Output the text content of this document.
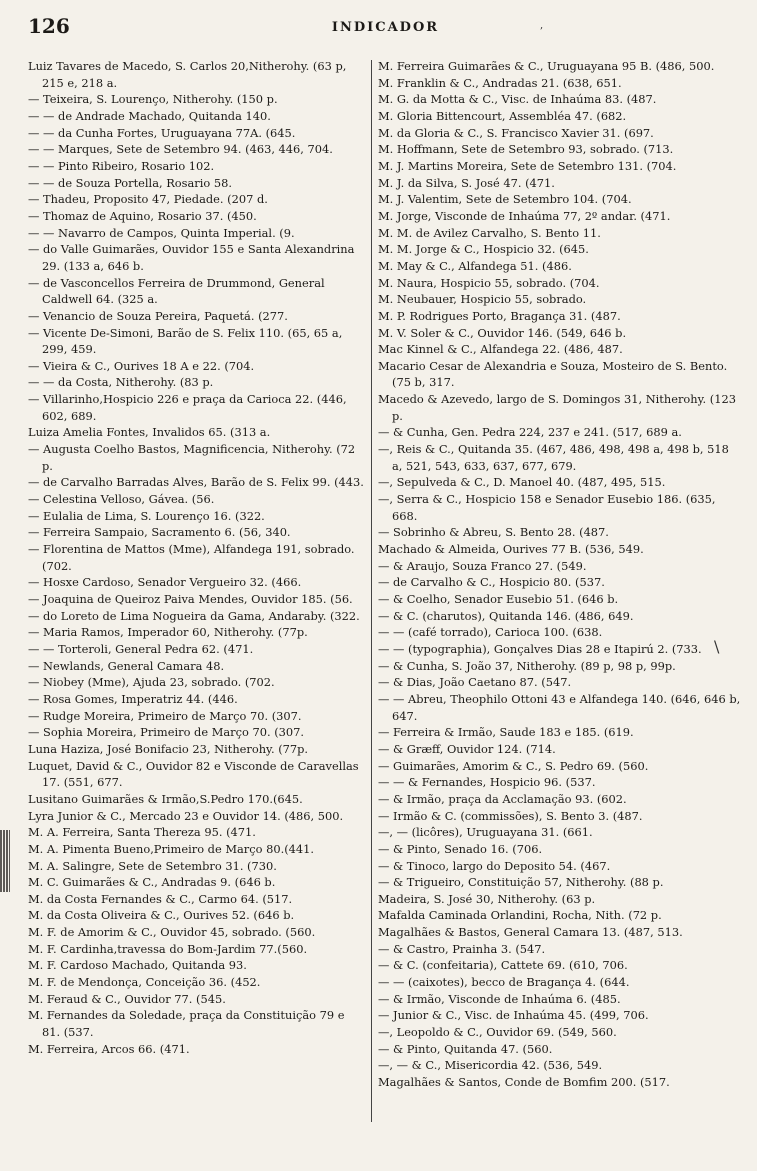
126	INDICADOR
Luiz Tavares de Macedo, S. Carlos 20,Nitherohy. (63 p, 215 e, 218 a.
— Teixeira, S. Lourenço, Nitherohy. (150 p.
— — de Andrade Machado, Quitanda 140.
— — da Cunha Fortes, Uruguayana 77A. (645.
— — Marques, Sete de Setembro 94. (463, 446, 704.
— — Pinto Ribeiro, Rosario 102.
— — de Souza Portella, Rosario 58.
— Thadeu, Proposito 47, Piedade. (207 d.
— Thomaz de Aquino, Rosario 37. (450.
— — Navarro de Campos, Quinta Imperial. (9.
— do Valle Guimarães, Ouvidor 155 e Santa Alexandrina 29. (133 a, 646 b.
— de Vasconcellos Ferreira de Drummond, General Caldwell 64. (325 a.
— Venancio de Souza Pereira, Paquetá. (277.
— Vicente De-Simoni, Barão de S. Felix 110. (65, 65 a, 299, 459.
— Vieira & C., Ourives 18 A e 22. (704.
— — da Costa, Nitherohy. (83 p.
— Villarinho,Hospicio 226 e praça da Carioca 22. (446, 602, 689.
Luiza Amelia Fontes, Invalidos 65. (313 a.
— Augusta Coelho Bastos, Magnificencia, Nitherohy. (72 p.
— de Carvalho Barradas Alves, Barão de S. Felix 99. (443.
— Celestina Velloso, Gávea. (56.
— Eulalia de Lima, S. Lourenço 16. (322.
— Ferreira Sampaio, Sacramento 6. (56, 340.
— Florentina de Mattos (Mme), Alfandega 191, sobrado. (702.
— Hosxe Cardoso, Senador Vergueiro 32. (466.
— Joaquina de Queiroz Paiva Mendes, Ouvidor 185. (56.
— do Loreto de Lima Nogueira da Gama, Andaraby. (322.
— Maria Ramos, Imperador 60, Nitherohy. (77p.
— — Torteroli, General Pedra 62. (471.
— Newlands, General Camara 48.
— Niobey (Mme), Ajuda 23, sobrado. (702.
— Rosa Gomes, Imperatriz 44. (446.
— Rudge Moreira, Primeiro de Março 70. (307.
— Sophia Moreira, Primeiro de Março 70. (307.
Luna Haziza, José Bonifacio 23, Nitherohy. (77p.
Luquet, David & C., Ouvidor 82 e Visconde de Caravellas 17. (551, 677.
Lusitano Guimarães & Irmão,S.Pedro 170.(645.
Lyra Junior & C., Mercado 23 e Ouvidor 14. (486, 500.
M. A. Ferreira, Santa Thereza 95. (471.
M. A. Pimenta Bueno,Primeiro de Março 80.(441.
M. A. Salingre, Sete de Setembro 31. (730.
M. C. Guimarães & C., Andradas 9. (646 b.
M. da Costa Fernandes & C., Carmo 64. (517.
M. da Costa Oliveira & C., Ourives 52. (646 b.
M. F. de Amorim & C., Ouvidor 45, sobrado. (560.
M. F. Cardinha,travessa do Bom-Jardim 77.(560.
M. F. Cardoso Machado, Quitanda 93.
M. F. de Mendonça, Conceição 36. (452.
M. Feraud & C., Ouvidor 77. (545.
M. Fernandes da Soledade, praça da Constituição 79 e 81. (537.
M. Ferreira, Arcos 66. (471.
M. Ferreira Guimarães & C., Uruguayana 95 B. (486, 500.
M. Franklin & C., Andradas 21. (638, 651.
M. G. da Motta & C., Visc. de Inhaúma 83. (487.
M. Gloria Bittencourt, Assembléa 47. (682.
M. da Gloria & C., S. Francisco Xavier 31. (697.
M. Hoffmann, Sete de Setembro 93, sobrado. (713.
M. J. Martins Moreira, Sete de Setembro 131. (704.
M. J. da Silva, S. José 47. (471.
M. J. Valentim, Sete de Setembro 104. (704.
M. Jorge, Visconde de Inhaúma 77, 2º andar. (471.
M. M. de Avilez Carvalho, S. Bento 11.
M. M. Jorge & C., Hospicio 32. (645.
M. May & C., Alfandega 51. (486.
M. Naura, Hospicio 55, sobrado. (704.
M. Neubauer, Hospicio 55, sobrado.
M. P. Rodrigues Porto, Bragança 31. (487.
M. V. Soler & C., Ouvidor 146. (549, 646 b.
Mac Kinnel & C., Alfandega 22. (486, 487.
Macario Cesar de Alexandria e Souza, Mosteiro de S. Bento. (75 b, 317.
Macedo & Azevedo, largo de S. Domingos 31, Nitherohy. (123 p.
— & Cunha, Gen. Pedra 224, 237 e 241. (517, 689 a.
—, Reis & C., Quitanda 35. (467, 486, 498, 498 a, 498 b, 518 a, 521, 543, 633, 637, 677, 679.
—, Sepulveda & C., D. Manoel 40. (487, 495, 515.
—, Serra & C., Hospicio 158 e Senador Eusebio 186. (635, 668.
— Sobrinho & Abreu, S. Bento 28. (487.
Machado & Almeida, Ourives 77 B. (536, 549.
— & Araujo, Souza Franco 27. (549.
— de Carvalho & C., Hospicio 80. (537.
— & Coelho, Senador Eusebio 51. (646 b.
— & C. (charutos), Quitanda 146. (486, 649.
— — (café torrado), Carioca 100. (638.
— — (typographia), Gonçalves Dias 28 e Itapirú 2. (733.
— & Cunha, S. João 37, Nitherohy. (89 p, 98 p, 99p.
— & Dias, João Caetano 87. (547.
— — Abreu, Theophilo Ottoni 43 e Alfandega 140. (646, 646 b, 647.
— Ferreira & Irmão, Saude 183 e 185. (619.
— & Græff, Ouvidor 124. (714.
— Guimarães, Amorim & C., S. Pedro 69. (560.
— — & Fernandes, Hospicio 96. (537.
— & Irmão, praça da Acclamação 93. (602.
— Irmão & C. (commissões), S. Bento 3. (487.
—, — (licôres), Uruguayana 31. (661.
— & Pinto, Senado 16. (706.
— & Tinoco, largo do Deposito 54. (467.
— & Trigueiro, Constituição 57, Nitherohy. (88 p.
Madeira, S. José 30, Nitherohy. (63 p.
Mafalda Caminada Orlandini, Rocha, Nith. (72 p.
Magalhães & Bastos, General Camara 13. (487, 513.
— & Castro, Prainha 3. (547.
— & C. (confeitaria), Cattete 69. (610, 706.
— — (caixotes), becco de Bragança 4. (644.
— & Irmão, Visconde de Inhaúma 6. (485.
— Junior & C., Visc. de Inhaúma 45. (499, 706.
—, Leopoldo & C., Ouvidor 69. (549, 560.
— & Pinto, Quitanda 47. (560.
—, — & C., Misericordia 42. (536, 549.
Magalhães & Santos, Conde de Bomfim 200. (517.
\
,
